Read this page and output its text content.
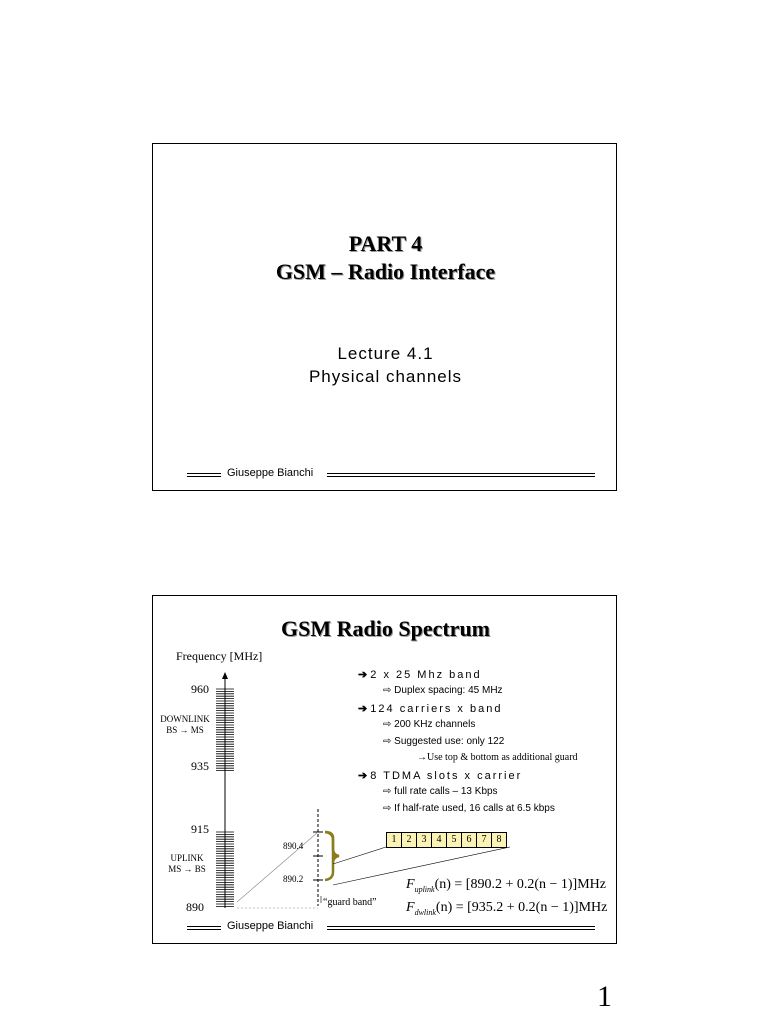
PART 4
GSM – Radio Interface
Lecture 4.1
Physical channels
Giuseppe Bianchi
GSM Radio Spectrum
Frequency [MHz]
960
DOWNLINK
BS → MS
935
915
UPLINK
MS → BS
890
890.4
890.2
“guard band”
➔ 2 x 25 Mhz band
⇨ Duplex spacing: 45 MHz
➔ 124 carriers x band
⇨ 200 KHz channels
⇨ Suggested use: only 122
→Use top & bottom as additional guard
➔ 8 TDMA slots x carrier
⇨ full rate calls – 13 Kbps
⇨ If half-rate used, 16 calls at 6.5 kbps
1	2	3	4	5	6	7	8
$F_{uplink}(n) = [890.2 + 0.2(n - 1)]MHz$
$F_{dwlink}(n) = [935.2 + 0.2(n - 1)]MHz$
Giuseppe Bianchi
1
